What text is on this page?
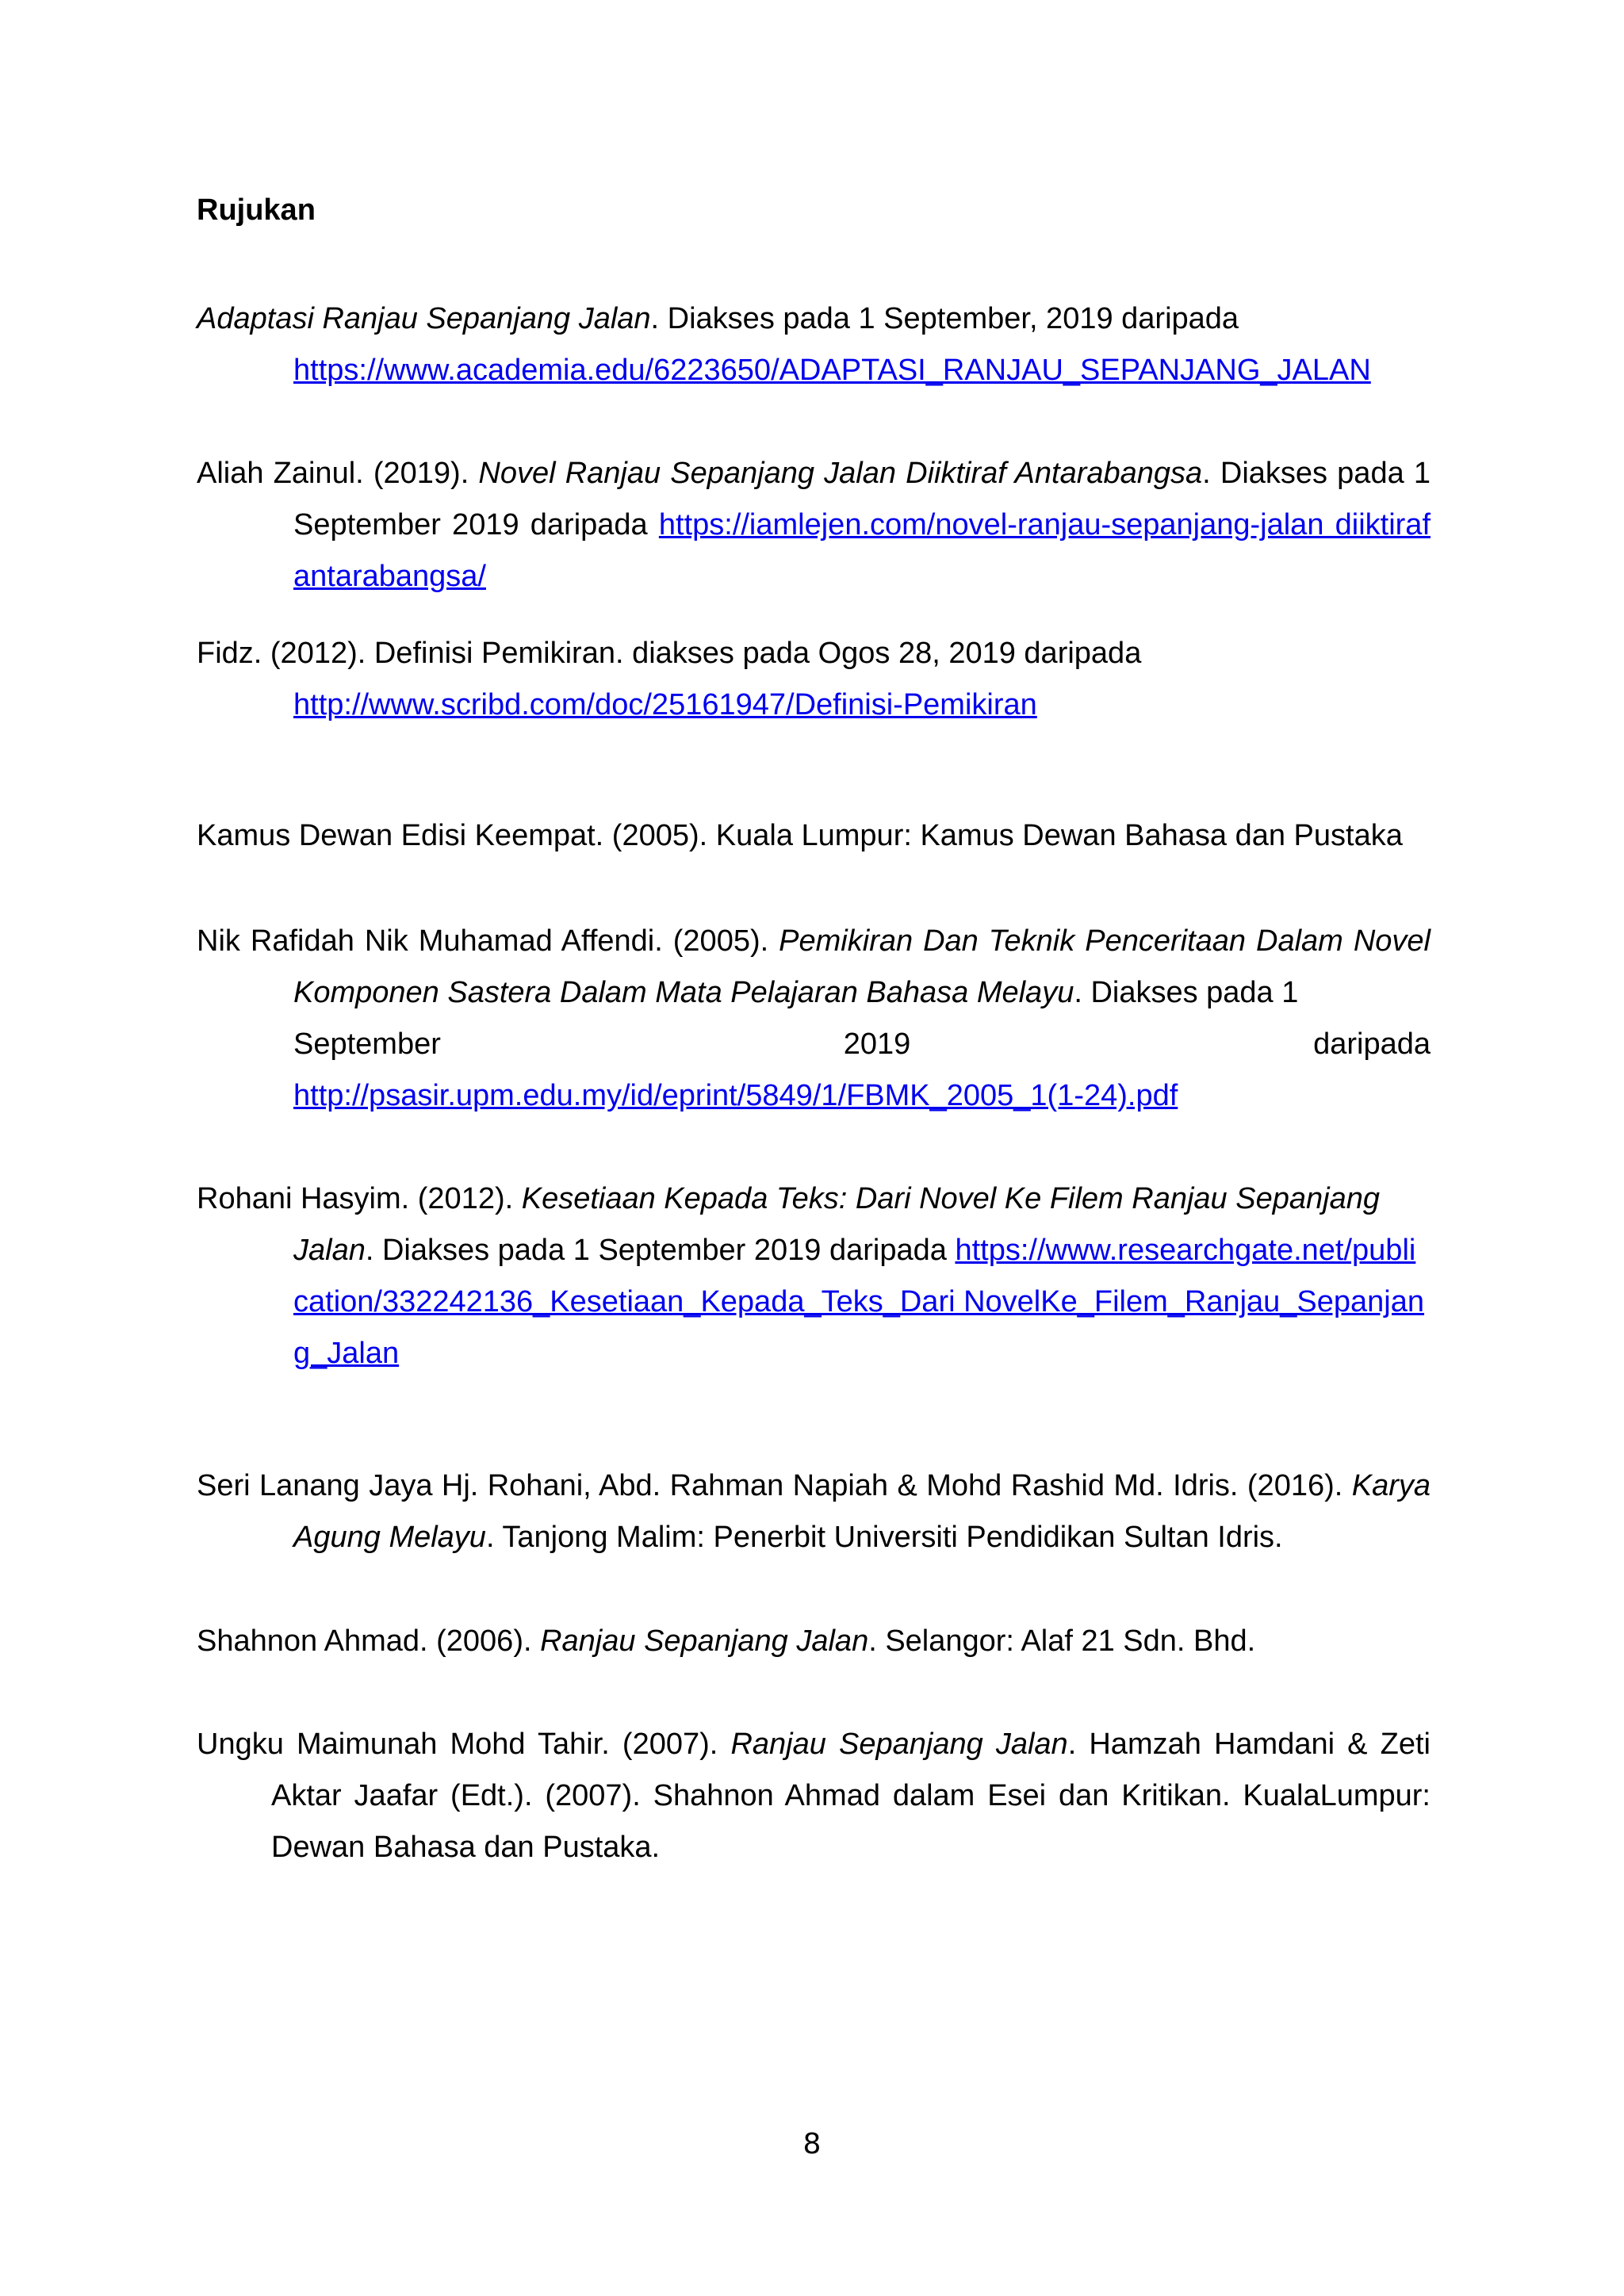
Rujukan
Adaptasi Ranjau Sepanjang Jalan. Diakses pada 1 September, 2019 daripada https://www.academia.edu/6223650/ADAPTASI_RANJAU_SEPANJANG_JALAN
Aliah Zainul. (2019). Novel Ranjau Sepanjang Jalan Diiktiraf Antarabangsa. Diakses pada 1 September 2019 daripada https://iamlejen.com/novel-ranjau-sepanjang-jalan diiktiraf antarabangsa/
Fidz. (2012). Definisi Pemikiran. diakses pada Ogos 28, 2019 daripada http://www.scribd.com/doc/25161947/Definisi-Pemikiran
Kamus Dewan Edisi Keempat. (2005). Kuala Lumpur: Kamus Dewan Bahasa dan Pustaka
Nik Rafidah Nik Muhamad Affendi. (2005). Pemikiran Dan Teknik Penceritaan Dalam Novel Komponen Sastera Dalam Mata Pelajaran Bahasa Melayu. Diakses pada 1
September	2019	daripada
http://psasir.upm.edu.my/id/eprint/5849/1/FBMK_2005_1(1-24).pdf
Rohani Hasyim. (2012). Kesetiaan Kepada Teks: Dari Novel Ke Filem Ranjau Sepanjang Jalan. Diakses pada 1 September 2019 daripada https://www.researchgate.net/publication/332242136_Kesetiaan_Kepada_Teks_Dari NovelKe_Filem_Ranjau_Sepanjang_Jalan
Seri Lanang Jaya Hj. Rohani, Abd. Rahman Napiah & Mohd Rashid Md. Idris. (2016). Karya Agung Melayu. Tanjong Malim: Penerbit Universiti Pendidikan Sultan Idris.
Shahnon Ahmad. (2006). Ranjau Sepanjang Jalan. Selangor: Alaf 21 Sdn. Bhd.
Ungku Maimunah Mohd Tahir. (2007). Ranjau Sepanjang Jalan. Hamzah Hamdani & Zeti Aktar Jaafar (Edt.). (2007). Shahnon Ahmad dalam Esei dan Kritikan. KualaLumpur: Dewan Bahasa dan Pustaka.
8
